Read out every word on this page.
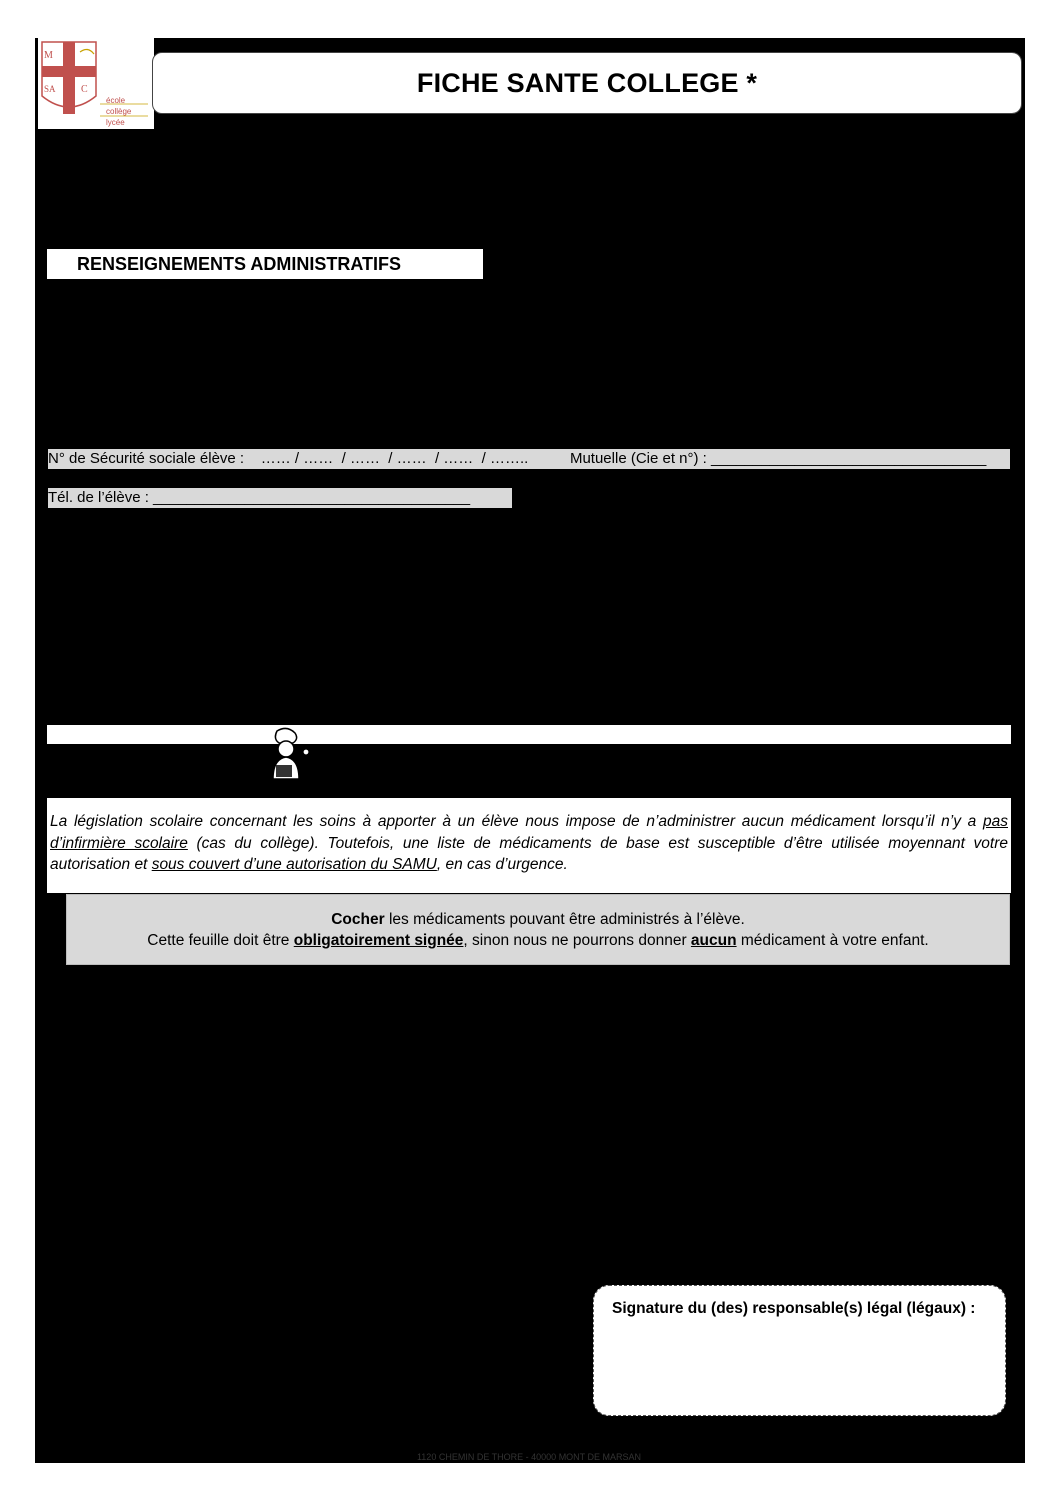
M
SA	C
école
collège
lycée
FICHE SANTE COLLEGE *
RENSEIGNEMENTS ADMINISTRATIFS
N° de Sécurité sociale élève :    …… / ……  / ……  / ……  / ……  / ……..          Mutuelle (Cie et n°) : _________________________________
Tél. de l’élève : ______________________________________
La législation scolaire concernant les soins à apporter à un élève nous impose de n’administrer aucun médicament lorsqu’il n’y a pas d’infirmière scolaire (cas du collège). Toutefois, une liste de médicaments de base est susceptible d’être utilisée moyennant votre autorisation et sous couvert d’une autorisation du SAMU, en cas d’urgence.
Cocher les médicaments pouvant être administrés à l’élève.
Cette feuille doit être obligatoirement signée, sinon nous ne pourrons donner aucun médicament à votre enfant.
Signature du (des) responsable(s) légal (légaux) :
1120 CHEMIN DE THORE - 40000 MONT DE MARSAN
